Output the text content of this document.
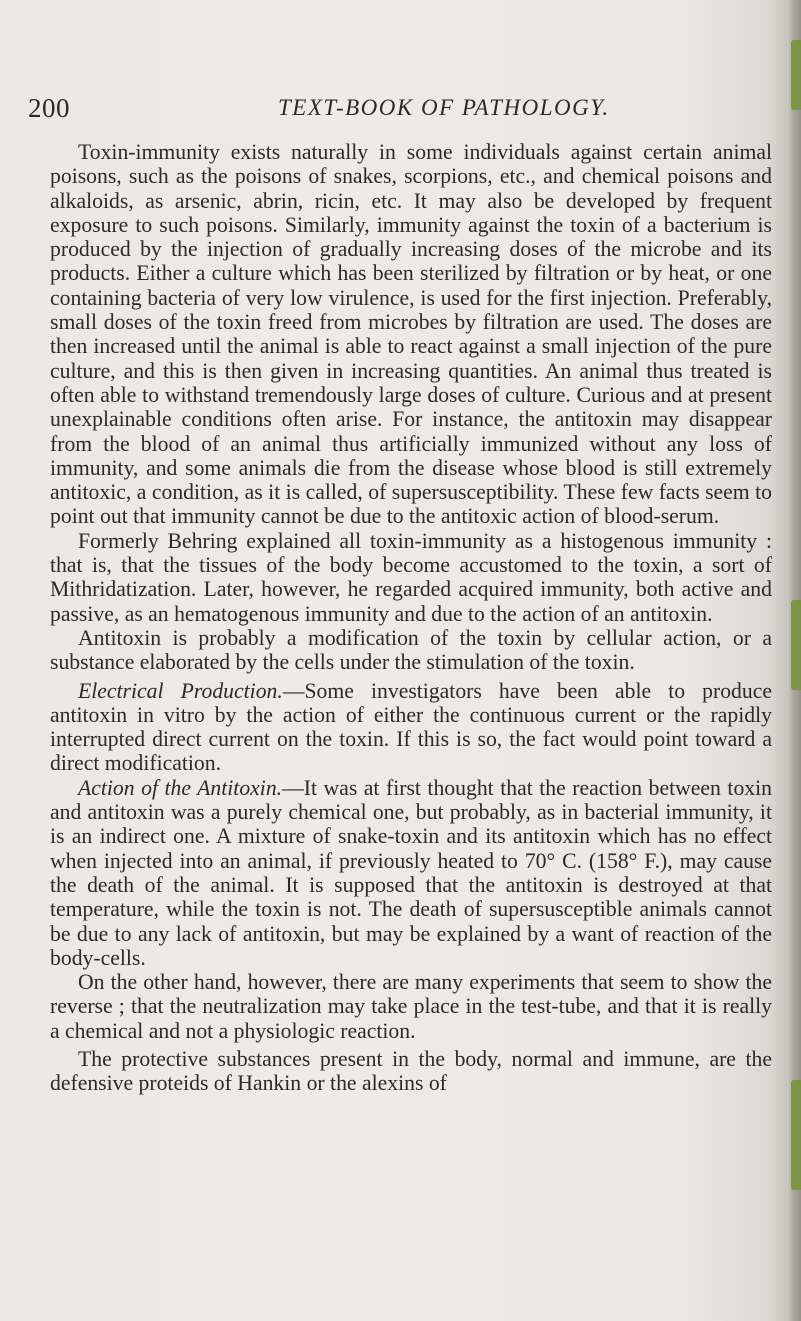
200	TEXT-BOOK OF PATHOLOGY.

Toxin-immunity exists naturally in some individuals against certain animal poisons, such as the poisons of snakes, scorpions, etc., and chemical poisons and alkaloids, as arsenic, abrin, ricin, etc. It may also be developed by frequent exposure to such poisons. Similarly, immunity against the toxin of a bacterium is produced by the injection of gradually increasing doses of the microbe and its products. Either a culture which has been sterilized by filtration or by heat, or one containing bacteria of very low virulence, is used for the first injection. Preferably, small doses of the toxin freed from microbes by filtration are used. The doses are then increased until the animal is able to react against a small injection of the pure culture, and this is then given in increasing quantities. An animal thus treated is often able to withstand tremendously large doses of culture. Curious and at present unexplainable conditions often arise. For instance, the antitoxin may disappear from the blood of an animal thus artificially immunized without any loss of immunity, and some animals die from the disease whose blood is still extremely antitoxic, a condition, as it is called, of supersusceptibility. These few facts seem to point out that immunity cannot be due to the antitoxic action of blood-serum.

Formerly Behring explained all toxin-immunity as a histogenous immunity : that is, that the tissues of the body become accustomed to the toxin, a sort of Mithridatization. Later, however, he regarded acquired immunity, both active and passive, as an hematogenous immunity and due to the action of an antitoxin.

Antitoxin is probably a modification of the toxin by cellular action, or a substance elaborated by the cells under the stimulation of the toxin.

Electrical Production.—Some investigators have been able to produce antitoxin in vitro by the action of either the continuous current or the rapidly interrupted direct current on the toxin. If this is so, the fact would point toward a direct modification.

Action of the Antitoxin.—It was at first thought that the reaction between toxin and antitoxin was a purely chemical one, but probably, as in bacterial immunity, it is an indirect one. A mixture of snake-toxin and its antitoxin which has no effect when injected into an animal, if previously heated to 70° C. (158° F.), may cause the death of the animal. It is supposed that the antitoxin is destroyed at that temperature, while the toxin is not. The death of supersusceptible animals cannot be due to any lack of antitoxin, but may be explained by a want of reaction of the body-cells.

On the other hand, however, there are many experiments that seem to show the reverse ; that the neutralization may take place in the test-tube, and that it is really a chemical and not a physiologic reaction.

The protective substances present in the body, normal and immune, are the defensive proteids of Hankin or the alexins of
